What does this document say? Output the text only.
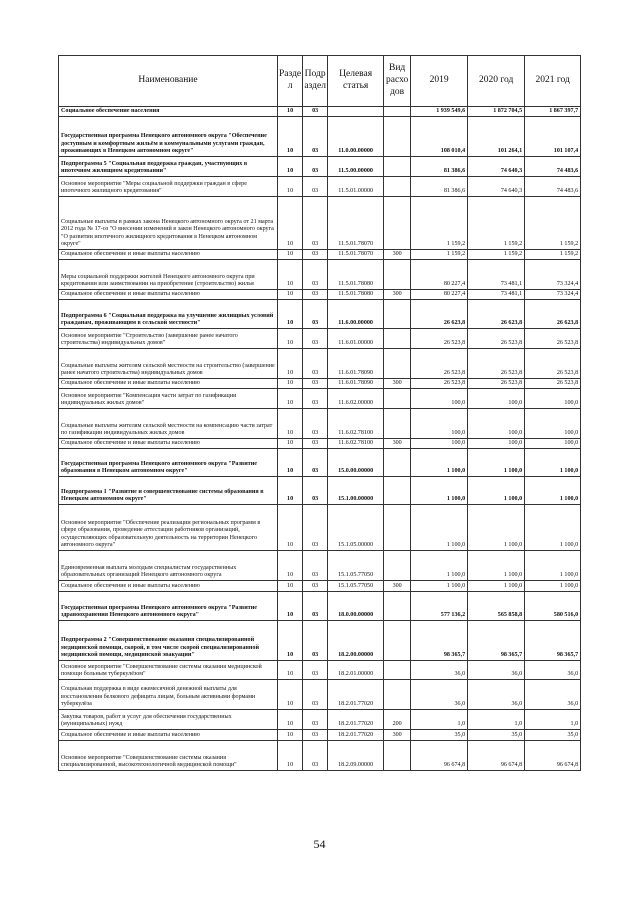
Наименование	Разде л	Подр аздел	Целевая статья	Вид расхо дов	2019	2020 год	2021 год
Социальное обеспечение населения	10	03			1 939 549,6	1 872 704,5	1 867 397,7
Государственная программа Ненецкого автономного округа "Обеспечение доступным и комфортным жильём и коммунальными услугами граждан, проживающих в Ненецком автономном округе"	10	03	11.0.00.00000		108 010,4	101 264,1	101 107,4
Подпрограмма 5 "Социальная поддержка граждан, участвующих в ипотечном жилищном кредитовании"	10	03	11.5.00.00000		81 386,6	74 640,3	74 483,6
Основное мероприятие "Меры социальной поддержки граждан в сфере ипотечного жилищного кредитования"	10	03	11.5.01.00000		81 386,6	74 640,3	74 483,6
Социальные выплаты в рамках закона Ненецкого автономного округа от 21 марта 2012 года № 17-оз "О внесении изменений в закон Ненецкого автономного округа "О развитии ипотечного жилищного кредитования в Ненецком автономном округе"	10	03	11.5.01.78070		1 159,2	1 159,2	1 159,2
Социальное обеспечение и иные выплаты населению	10	03	11.5.01.78070	300	1 159,2	1 159,2	1 159,2
Меры социальной поддержки жителей Ненецкого автономного округа при кредитовании или заимствовании на приобретение (строительство) жилья	10	03	11.5.01.78080		80 227,4	73 481,1	73 324,4
Социальное обеспечение и иные выплаты населению	10	03	11.5.01.78080	300	80 227,4	73 481,1	73 324,4
Подпрограмма 6 "Социальная поддержка на улучшение жилищных условий гражданам, проживающим в сельской местности"	10	03	11.6.00.00000		26 623,8	26 623,8	26 623,8
Основное мероприятие "Строительство (завершение ранее начатого строительства) индивидуальных домов"	10	03	11.6.01.00000		26 523,8	26 523,8	26 523,8
Социальные выплаты жителям сельской местности на строительство (завершение ранее начатого строительства) индивидуальных домов	10	03	11.6.01.78090		26 523,8	26 523,8	26 523,8
Социальное обеспечение и иные выплаты населению	10	03	11.6.01.78090	300	26 523,8	26 523,8	26 523,8
Основное мероприятие "Компенсация части затрат по газификации индивидуальных жилых домов"	10	03	11.6.02.00000		100,0	100,0	100,0
Социальные выплаты жителям сельской местности на компенсацию части затрат по газификации индивидуальных жилых домов	10	03	11.6.02.78100		100,0	100,0	100,0
Социальное обеспечение и иные выплаты населению	10	03	11.6.02.78100	300	100,0	100,0	100,0
Государственная программа Ненецкого автономного округа "Развитие образования в Ненецком автономном округе"	10	03	15.0.00.00000		1 100,0	1 100,0	1 100,0
Подпрограмма 1 "Развитие и совершенствование системы образования в Ненецком автономном округе"	10	03	15.1.00.00000		1 100,0	1 100,0	1 100,0
Основное мероприятие "Обеспечение реализации региональных программ в сфере образования, проведение аттестации работников организаций, осуществляющих образовательную деятельность на территории Ненецкого автономного округа"	10	03	15.1.05.00000		1 100,0	1 100,0	1 100,0
Единовременная выплата молодым специалистам государственных образовательных организаций Ненецкого автономного округа	10	03	15.1.05.77050		1 100,0	1 100,0	1 100,0
Социальное обеспечение и иные выплаты населению	10	03	15.1.05.77050	300	1 100,0	1 100,0	1 100,0
Государственная программа Ненецкого автономного округа "Развитие здравоохранения Ненецкого автономного округа"	10	03	18.0.00.00000		577 136,2	565 858,8	580 516,0
Подпрограмма 2 "Совершенствование оказания специализированной медицинской помощи, скорой, в том числе скорой специализированной медицинской помощи, медицинской эвакуации"	10	03	18.2.00.00000		98 365,7	98 365,7	98 365,7
Основное мероприятие "Совершенствование системы оказания медицинской помощи больным туберкулёзом"	10	03	18.2.01.00000		36,0	36,0	36,0
Социальная поддержка в виде ежемесячной денежной выплаты для восстановления белкового дефицита лицам, больным активными формами туберкулёза	10	03	18.2.01.77020		36,0	36,0	36,0
Закупка товаров, работ и услуг для обеспечения государственных (муниципальных) нужд	10	03	18.2.01.77020	200	1,0	1,0	1,0
Социальное обеспечение и иные выплаты населению	10	03	18.2.01.77020	300	35,0	35,0	35,0
Основное мероприятие "Совершенствование системы оказания специализированной, высокотехнологичной медицинской помощи"	10	03	18.2.09.00000		96 674,8	96 674,8	96 674,8
54
